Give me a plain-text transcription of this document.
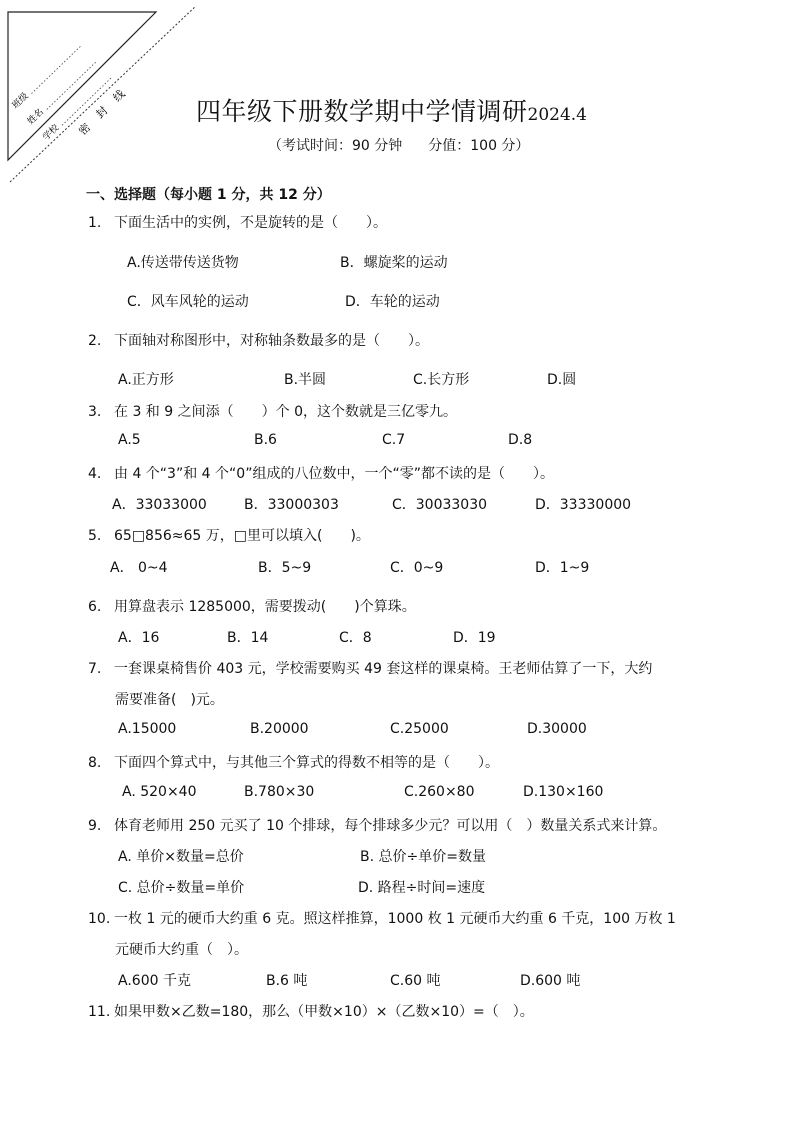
班级
姓名
学校 密
封
线
四年级下册数学期中学情调研2024.4
（考试时间：90 分钟 分值：100 分）
一、选择题（每小题 1 分，共 12 分）
1. 下面生活中的实例，不是旋转的是（　　）。
A.传送带传送货物	B．螺旋桨的运动
C．风车风轮的运动	D．车轮的运动
2. 下面轴对称图形中，对称轴条数最多的是（　　）。
A.正方形	B.半圆	C.长方形	D.圆
3. 在 3 和 9 之间添（　　）个 0，这个数就是三亿零九。
A.5	B.6	C.7	D.8
4. 由 4 个“3”和 4 个“0”组成的八位数中，一个“零”都不读的是（　　）。
A．33033000	B．33000303	C．30033030	D．33330000
5. 65□856≈65 万，□里可以填入(　　)。
A． 0~4	B．5~9	C．0~9	D．1~9
6. 用算盘表示 1285000，需要拨动(　　)个算珠。
A．16	B．14	C．8	D．19
7. 一套课桌椅售价 403 元，学校需要购买 49 套这样的课桌椅。王老师估算了一下，大约
需要准备(　)元。
A.15000	B.20000	C.25000	D.30000
8. 下面四个算式中，与其他三个算式的得数不相等的是（　　）。
A. 520×40	B.780×30	C.260×80	D.130×160
9. 体育老师用 250 元买了 10 个排球，每个排球多少元？可以用（　）数量关系式来计算。
A. 单价×数量=总价	B. 总价÷单价=数量
C. 总价÷数量=单价	D. 路程÷时间=速度
10. 一枚 1 元的硬币大约重 6 克。照这样推算，1000 枚 1 元硬币大约重 6 千克，100 万枚 1
元硬币大约重（　）。
A.600 千克	B.6 吨	C.60 吨	D.600 吨
11. 如果甲数×乙数=180，那么（甲数×10）×（乙数×10）=（　）。
